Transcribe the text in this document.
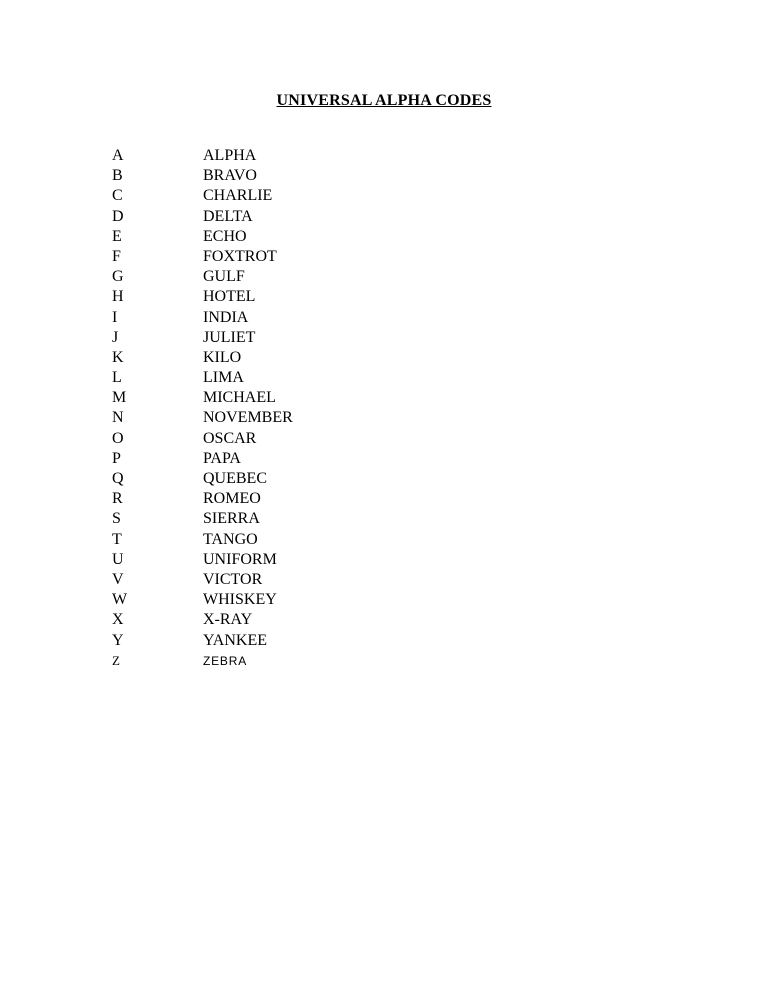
UNIVERSAL ALPHA CODES
A	ALPHA
B	BRAVO
C	CHARLIE
D	DELTA
E	ECHO
F	FOXTROT
G	GULF
H	HOTEL
I	INDIA
J	JULIET
K	KILO
L	LIMA
M	MICHAEL
N	NOVEMBER
O	OSCAR
P	PAPA
Q	QUEBEC
R	ROMEO
S	SIERRA
T	TANGO
U	UNIFORM
V	VICTOR
W	WHISKEY
X	X-RAY
Y	YANKEE
Z	ZEBRA
